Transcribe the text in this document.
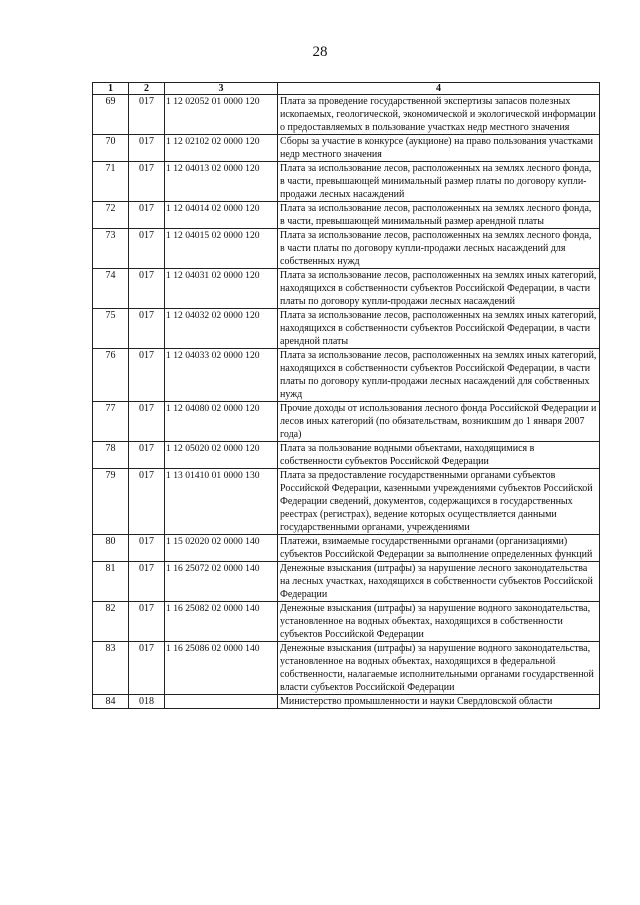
28
1	2	3	4
69	017	1 12 02052 01 0000 120	Плата за проведение государственной экспертизы запасов полезных ископаемых, геологической, экономической и экологической информации о предоставляемых в пользование участках недр местного значения
70	017	1 12 02102 02 0000 120	Сборы за участие в конкурсе (аукционе) на право пользования участками недр местного значения
71	017	1 12 04013 02 0000 120	Плата за использование лесов, расположенных на землях лесного фонда, в части, превышающей минимальный размер платы по договору купли-продажи лесных насаждений
72	017	1 12 04014 02 0000 120	Плата за использование лесов, расположенных на землях лесного фонда, в части, превышающей минимальный размер арендной платы
73	017	1 12 04015 02 0000 120	Плата за использование лесов, расположенных на землях лесного фонда, в части платы по договору купли-продажи лесных насаждений для собственных нужд
74	017	1 12 04031 02 0000 120	Плата за использование лесов, расположенных на землях иных категорий, находящихся в собственности субъектов Российской Федерации, в части платы по договору купли-продажи лесных насаждений
75	017	1 12 04032 02 0000 120	Плата за использование лесов, расположенных на землях иных категорий, находящихся в собственности субъектов Российской Федерации, в части арендной платы
76	017	1 12 04033 02 0000 120	Плата за использование лесов, расположенных на землях иных категорий, находящихся в собственности субъектов Российской Федерации, в части платы по договору купли-продажи лесных насаждений для собственных нужд
77	017	1 12 04080 02 0000 120	Прочие доходы от использования лесного фонда Российской Федерации и лесов иных категорий (по обязательствам, возникшим до 1 января 2007 года)
78	017	1 12 05020 02 0000 120	Плата за пользование водными объектами, находящимися в собственности субъектов Российской Федерации
79	017	1 13 01410 01 0000 130	Плата за предоставление государственными органами субъектов Российской Федерации, казенными учреждениями субъектов Российской Федерации сведений, документов, содержащихся в государственных реестрах (регистрах), ведение которых осуществляется данными государственными органами, учреждениями
80	017	1 15 02020 02 0000 140	Платежи, взимаемые государственными органами (организациями) субъектов Российской Федерации за выполнение определенных функций
81	017	1 16 25072 02 0000 140	Денежные взыскания (штрафы) за нарушение лесного законодательства на лесных участках, находящихся в собственности субъектов Российской Федерации
82	017	1 16 25082 02 0000 140	Денежные взыскания (штрафы) за нарушение водного законодательства, установленное на водных объектах, находящихся в собственности субъектов Российской Федерации
83	017	1 16 25086 02 0000 140	Денежные взыскания (штрафы) за нарушение водного законодательства, установленное на водных объектах, находящихся в федеральной собственности, налагаемые исполнительными органами государственной власти субъектов Российской Федерации
84	018		Министерство промышленности и науки Свердловской области
